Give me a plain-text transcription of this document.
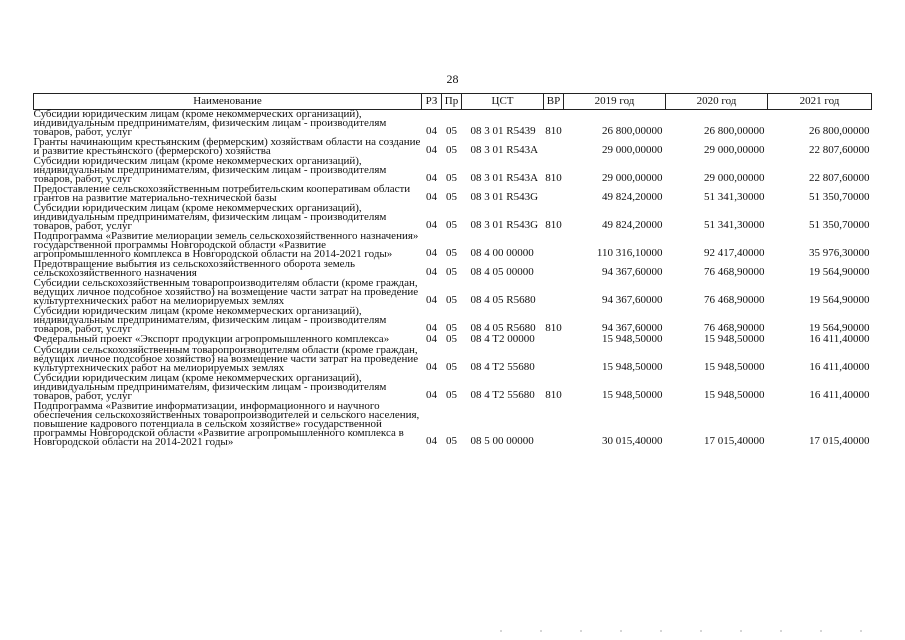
28
Наименование	РЗ	Пр	ЦСТ	ВР	2019 год	2020 год	2021 год
Субсидии юридическим лицам (кроме некоммерческих организаций), индивидуальным предпринимателям, физическим лицам - производителям товаров, работ, услуг	04	05	08 3 01 R5439	810	26 800,00000	26 800,00000	26 800,00000
Гранты начинающим крестьянским (фермерским) хозяйствам области на создание и развитие крестьянского (фермерского) хозяйства	04	05	08 3 01 R543A		29 000,00000	29 000,00000	22 807,60000
Субсидии юридическим лицам (кроме некоммерческих организаций), индивидуальным предпринимателям, физическим лицам - производителям товаров, работ, услуг	04	05	08 3 01 R543A	810	29 000,00000	29 000,00000	22 807,60000
Предоставление сельскохозяйственным потребительским кооперативам области грантов на развитие материально-технической базы	04	05	08 3 01 R543G		49 824,20000	51 341,30000	51 350,70000
Субсидии юридическим лицам (кроме некоммерческих организаций), индивидуальным предпринимателям, физическим лицам - производителям товаров, работ, услуг	04	05	08 3 01 R543G	810	49 824,20000	51 341,30000	51 350,70000
Подпрограмма «Развитие мелиорации земель сельскохозяйственного назначения» государственной программы Новгородской области «Развитие агропромышленного комплекса в Новгородской области на 2014-2021 годы»	04	05	08 4 00 00000		110 316,10000	92 417,40000	35 976,30000
Предотвращение выбытия из сельскохозяйственного оборота земель сельскохозяйственного назначения	04	05	08 4 05 00000		94 367,60000	76 468,90000	19 564,90000
Субсидии сельскохозяйственным товаропроизводителям области (кроме граждан, ведущих личное подсобное хозяйство) на возмещение части затрат на проведение культуртехнических работ на мелиорируемых землях	04	05	08 4 05 R5680		94 367,60000	76 468,90000	19 564,90000
Субсидии юридическим лицам (кроме некоммерческих организаций), индивидуальным предпринимателям, физическим лицам - производителям товаров, работ, услуг	04	05	08 4 05 R5680	810	94 367,60000	76 468,90000	19 564,90000
Федеральный проект «Экспорт продукции агропромышленного комплекса»	04	05	08 4 T2 00000		15 948,50000	15 948,50000	16 411,40000
Субсидии сельскохозяйственным товаропроизводителям области (кроме граждан, ведущих личное подсобное хозяйство) на возмещение части затрат на проведение культуртехнических работ на мелиорируемых землях	04	05	08 4 T2 55680		15 948,50000	15 948,50000	16 411,40000
Субсидии юридическим лицам (кроме некоммерческих организаций), индивидуальным предпринимателям, физическим лицам - производителям товаров, работ, услуг	04	05	08 4 T2 55680	810	15 948,50000	15 948,50000	16 411,40000
Подпрограмма «Развитие информатизации, информационного и научного обеспечения сельскохозяйственных товаропроизводителей и сельского населения, повышение кадрового потенциала в сельском хозяйстве» государственной программы Новгородской области «Развитие агропромышленного комплекса в Новгородской области на 2014-2021 годы»	04	05	08 5 00 00000		30 015,40000	17 015,40000	17 015,40000
